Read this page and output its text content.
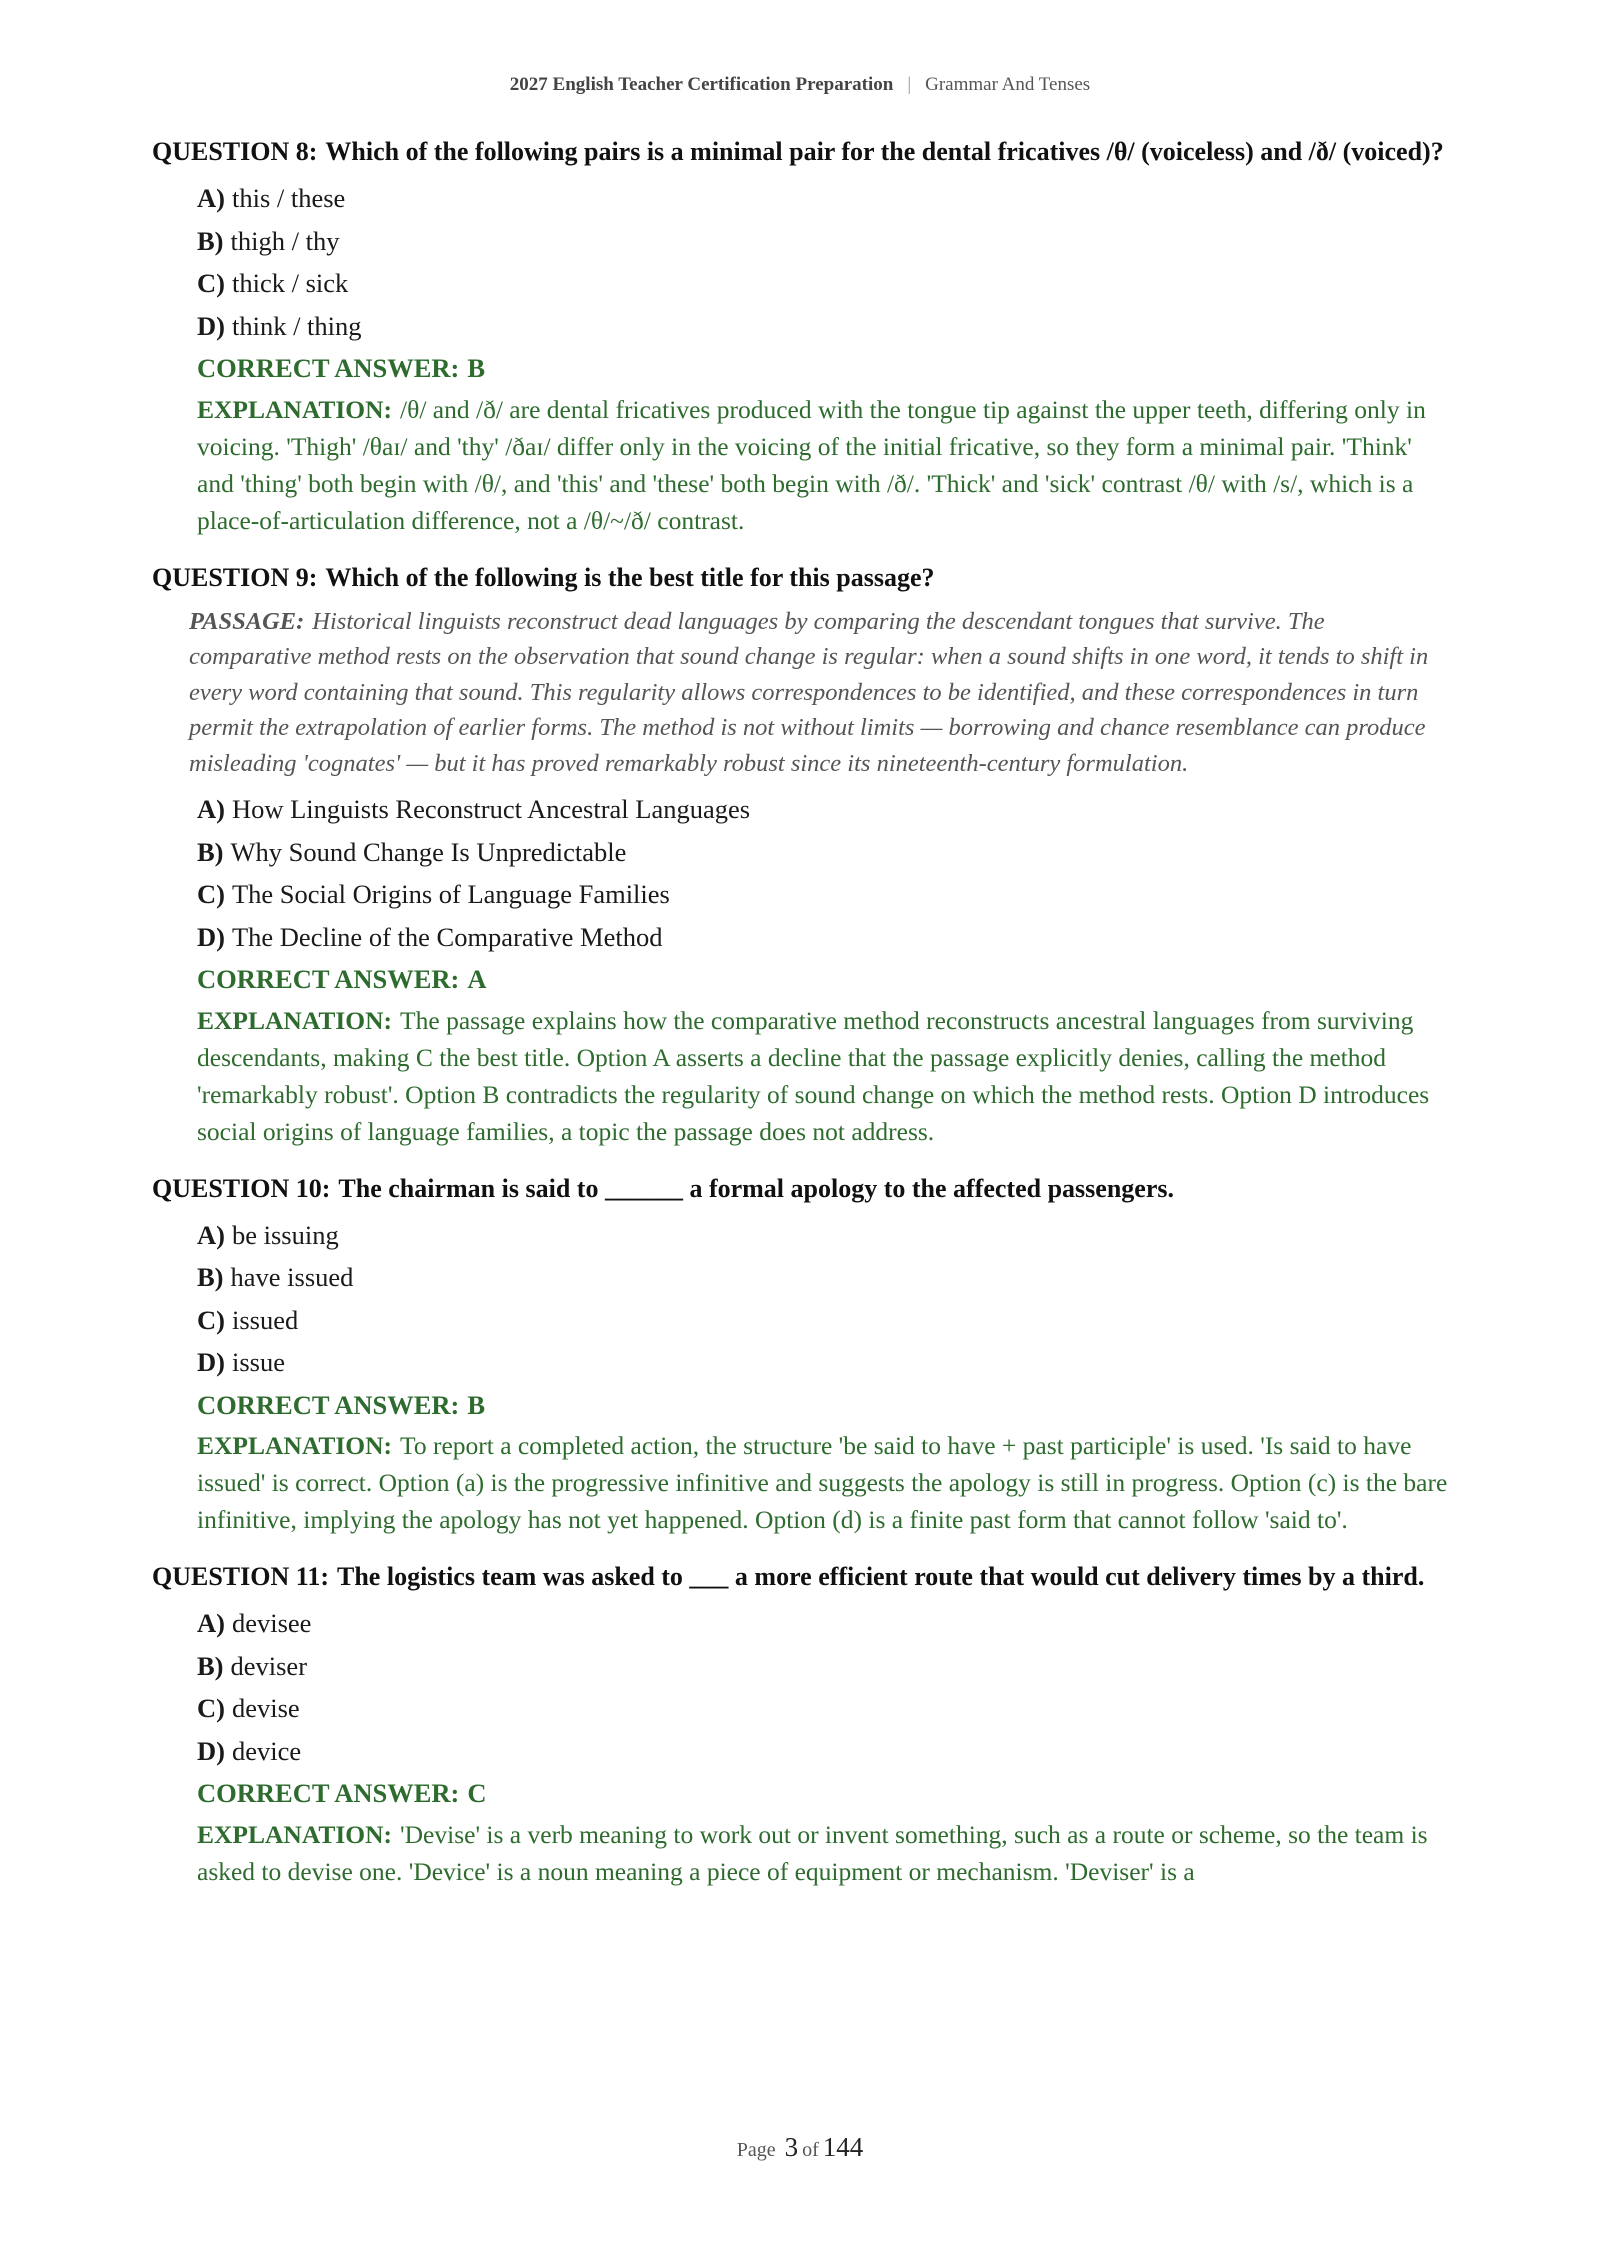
2027 English Teacher Certification Preparation | Grammar And Tenses
QUESTION 8: Which of the following pairs is a minimal pair for the dental fricatives /θ/ (voiceless) and /ð/ (voiced)?
A) this / these
B) thigh / thy
C) thick / sick
D) think / thing
CORRECT ANSWER: B
EXPLANATION: /θ/ and /ð/ are dental fricatives produced with the tongue tip against the upper teeth, differing only in voicing. 'Thigh' /θaɪ/ and 'thy' /ðaɪ/ differ only in the voicing of the initial fricative, so they form a minimal pair. 'Think' and 'thing' both begin with /θ/, and 'this' and 'these' both begin with /ð/. 'Thick' and 'sick' contrast /θ/ with /s/, which is a place-of-articulation difference, not a /θ/~/ð/ contrast.
QUESTION 9: Which of the following is the best title for this passage?
PASSAGE: Historical linguists reconstruct dead languages by comparing the descendant tongues that survive. The comparative method rests on the observation that sound change is regular: when a sound shifts in one word, it tends to shift in every word containing that sound. This regularity allows correspondences to be identified, and these correspondences in turn permit the extrapolation of earlier forms. The method is not without limits — borrowing and chance resemblance can produce misleading 'cognates' — but it has proved remarkably robust since its nineteenth-century formulation.
A) How Linguists Reconstruct Ancestral Languages
B) Why Sound Change Is Unpredictable
C) The Social Origins of Language Families
D) The Decline of the Comparative Method
CORRECT ANSWER: A
EXPLANATION: The passage explains how the comparative method reconstructs ancestral languages from surviving descendants, making C the best title. Option A asserts a decline that the passage explicitly denies, calling the method 'remarkably robust'. Option B contradicts the regularity of sound change on which the method rests. Option D introduces social origins of language families, a topic the passage does not address.
QUESTION 10: The chairman is said to ______ a formal apology to the affected passengers.
A) be issuing
B) have issued
C) issued
D) issue
CORRECT ANSWER: B
EXPLANATION: To report a completed action, the structure 'be said to have + past participle' is used. 'Is said to have issued' is correct. Option (a) is the progressive infinitive and suggests the apology is still in progress. Option (c) is the bare infinitive, implying the apology has not yet happened. Option (d) is a finite past form that cannot follow 'said to'.
QUESTION 11: The logistics team was asked to ___ a more efficient route that would cut delivery times by a third.
A) devisee
B) deviser
C) devise
D) device
CORRECT ANSWER: C
EXPLANATION: 'Devise' is a verb meaning to work out or invent something, such as a route or scheme, so the team is asked to devise one. 'Device' is a noun meaning a piece of equipment or mechanism. 'Deviser' is a
Page 3 of 144
